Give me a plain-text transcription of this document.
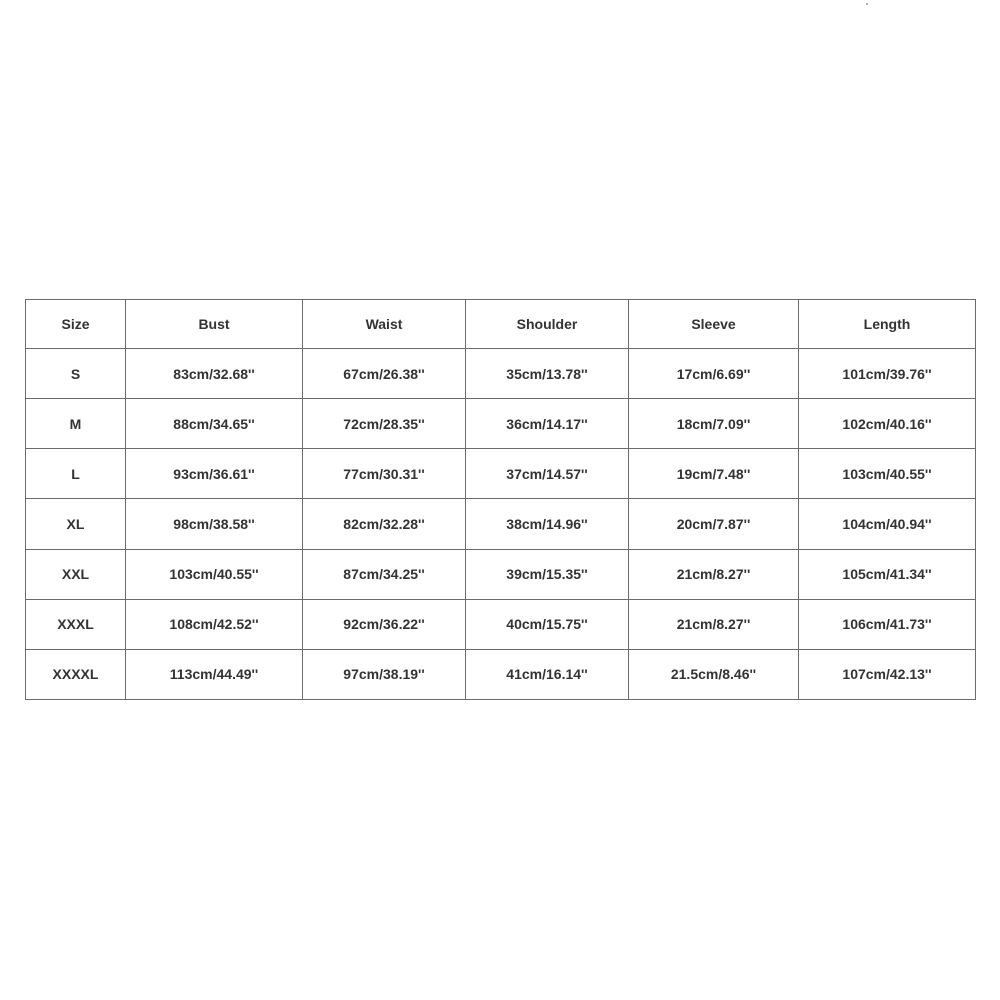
Size	Bust	Waist	Shoulder	Sleeve	Length
S	83cm/32.68''	67cm/26.38''	35cm/13.78''	17cm/6.69''	101cm/39.76''
M	88cm/34.65''	72cm/28.35''	36cm/14.17''	18cm/7.09''	102cm/40.16''
L	93cm/36.61''	77cm/30.31''	37cm/14.57''	19cm/7.48''	103cm/40.55''
XL	98cm/38.58''	82cm/32.28''	38cm/14.96''	20cm/7.87''	104cm/40.94''
XXL	103cm/40.55''	87cm/34.25''	39cm/15.35''	21cm/8.27''	105cm/41.34''
XXXL	108cm/42.52''	92cm/36.22''	40cm/15.75''	21cm/8.27''	106cm/41.73''
XXXXL	113cm/44.49''	97cm/38.19''	41cm/16.14''	21.5cm/8.46''	107cm/42.13''
